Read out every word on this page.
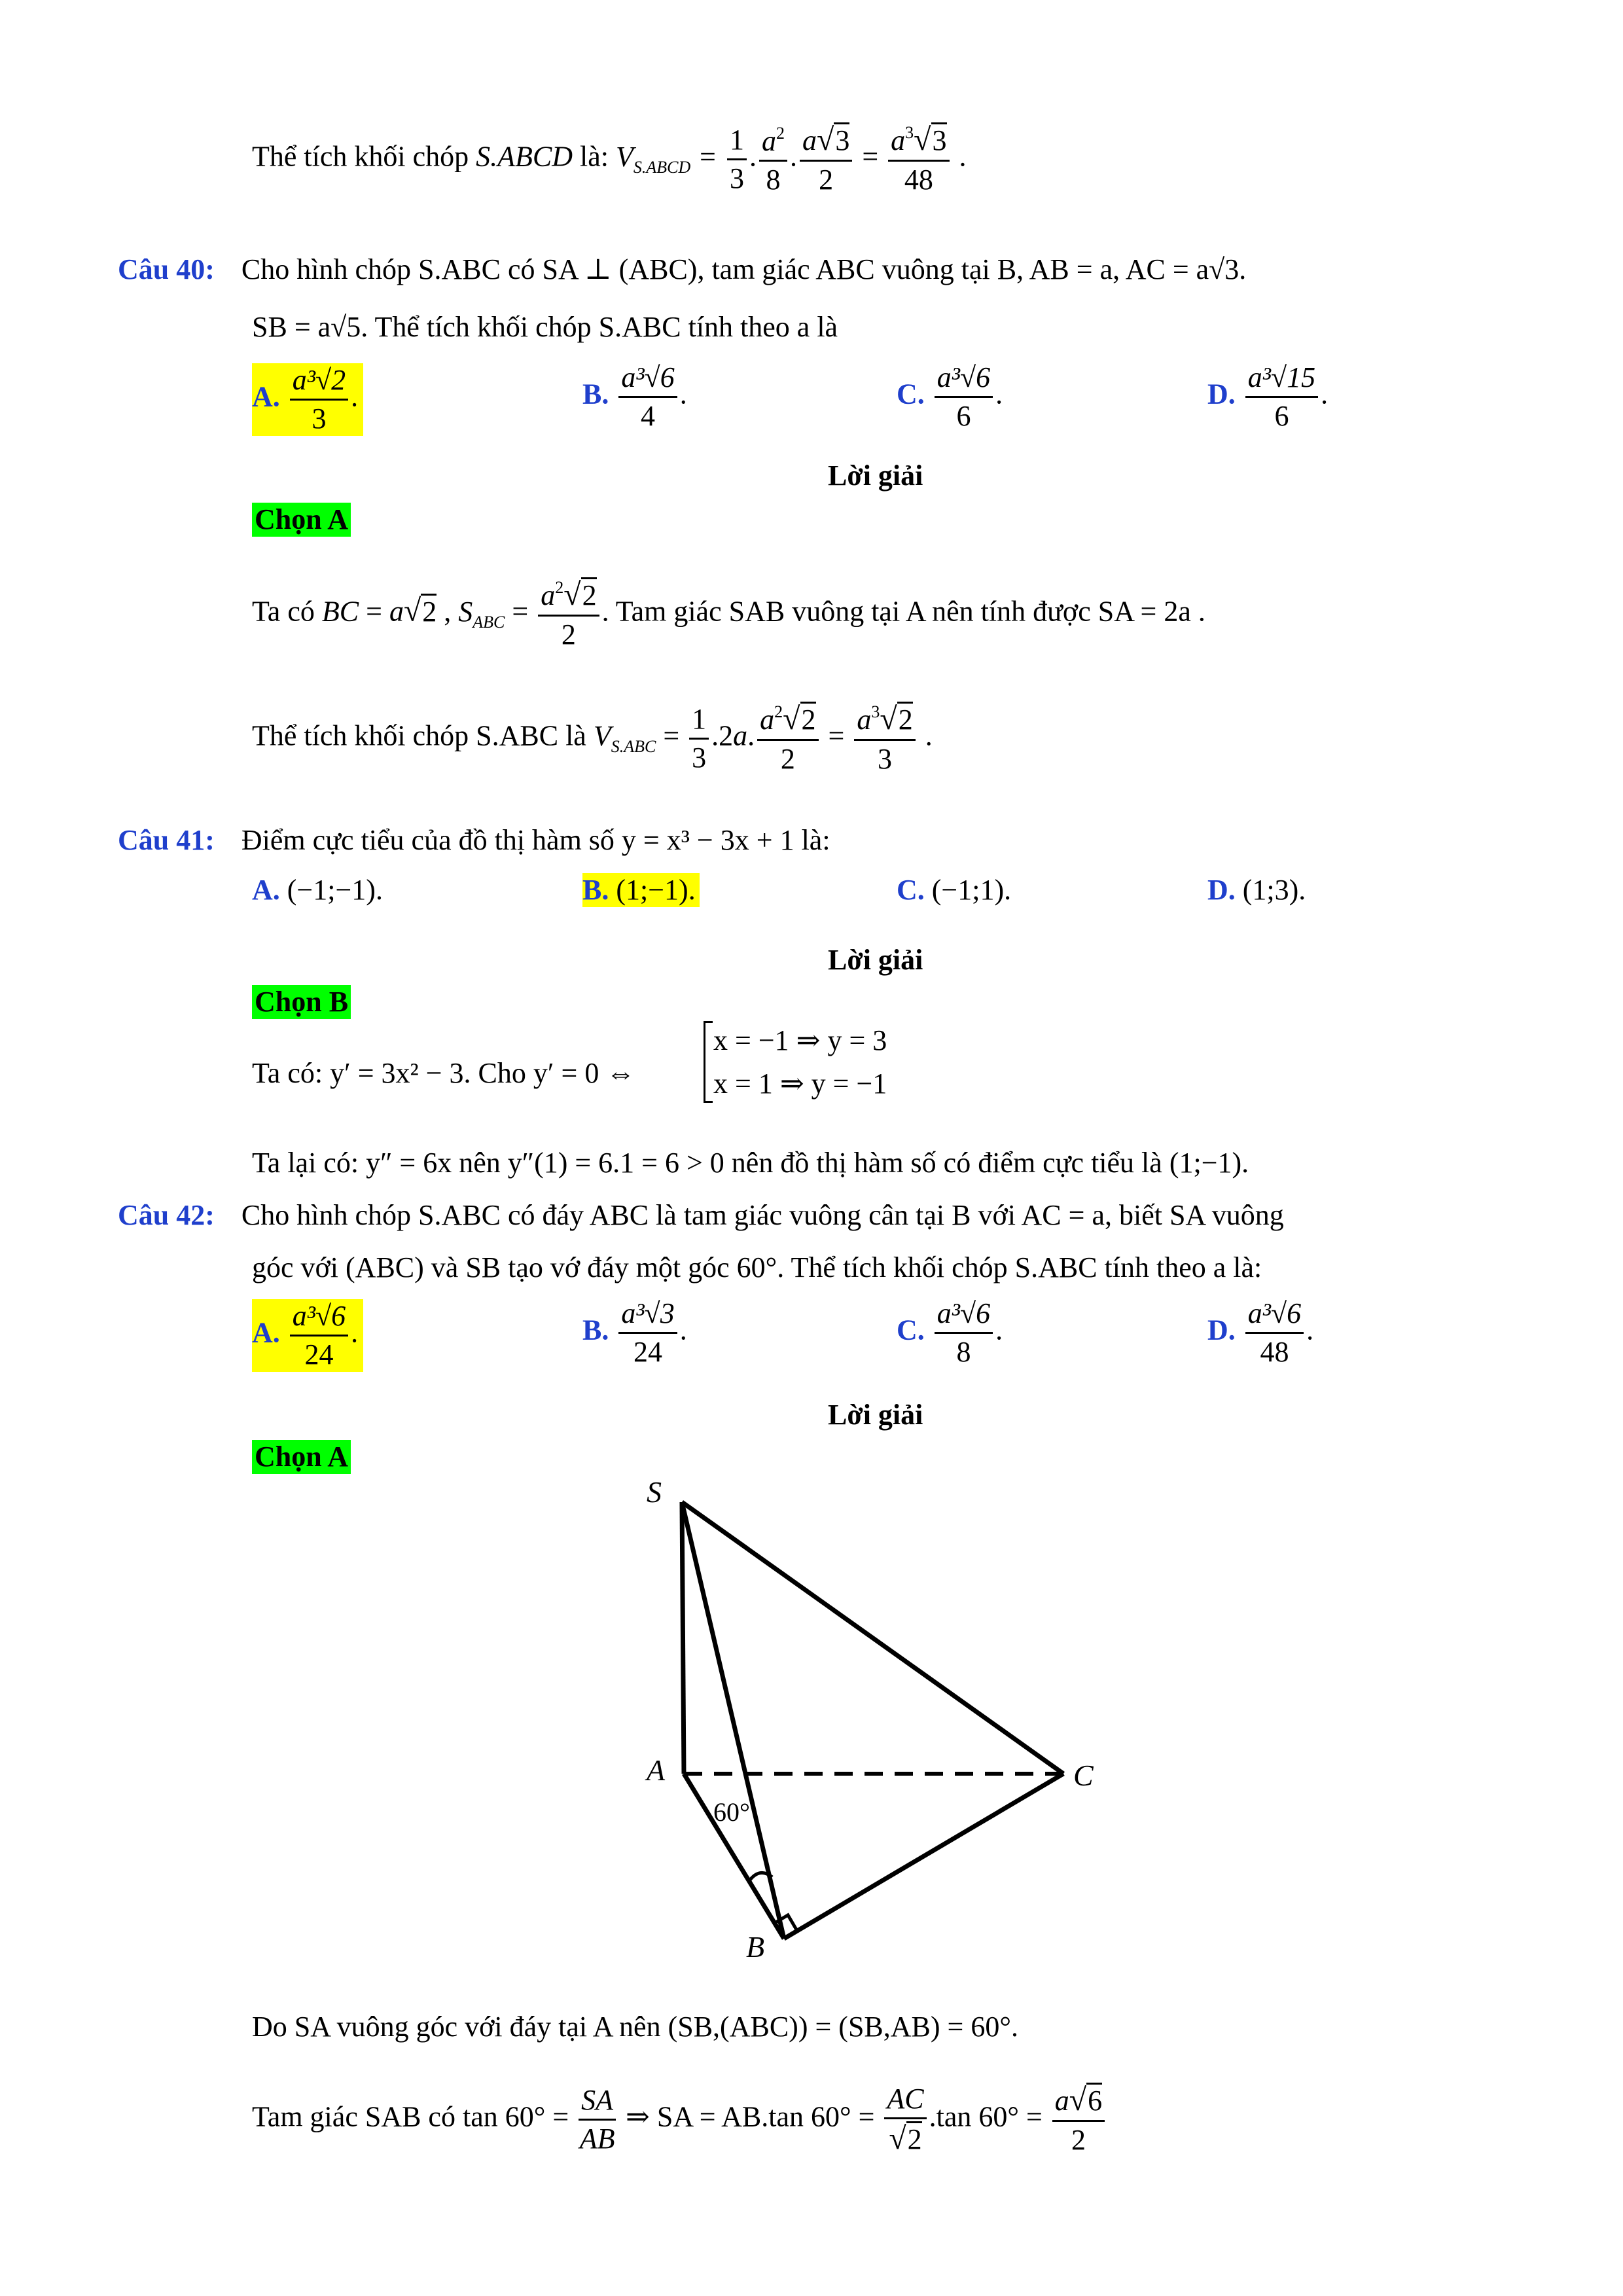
Thể tích khối chóp S.ABCD là: $V_{S.ABCD} = \frac{1}{3}$ . $\frac{a^2}{8}$ . $\frac{a√3}{2} = \frac{a^3√3}{48}$ .
Câu 40: Cho hình chóp S.ABC có SA ⊥ (ABC), tam giác ABC vuông tại B, AB = a, AC = a√3.
SB = a√5. Thể tích khối chóp S.ABC tính theo a là
A. $\frac{\text{a³√2}}{3}$ .	B. $\frac{\text{a³√6}}{4}$ .	C. $\frac{\text{a³√6}}{6}$ .	D. $\frac{\text{a³√15}}{6}$ .
Lời giải
Chọn A
Ta có BC = a√2 , $S_{ABC} = \frac{a^2√2}{2}$ . Tam giác SAB vuông tại A nên tính được SA = 2a .
Thể tích khối chóp S.ABC là $V_{S.ABC} = \frac{1}{3} .2a$. $\frac{a^2√2}{2} = \frac{a^3√2}{3}$ .
Câu 41: Điểm cực tiểu của đồ thị hàm số y = x³ − 3x + 1 là:
A. (−1;−1).	B. (1;−1).	C. (−1;1).	D. (1;3).
Lời giải
Chọn B
Ta có: y′ = 3x² − 3. Cho y′ = 0 ⇔
x = −1 ⇒ y = 3
x = 1 ⇒ y = −1
Ta lại có: y″ = 6x nên y″(1) = 6.1 = 6 > 0 nên đồ thị hàm số có điểm cực tiểu là (1;−1).
Câu 42: Cho hình chóp S.ABC có đáy ABC là tam giác vuông cân tại B với AC = a, biết SA vuông
góc với (ABC) và SB tạo vớ đáy một góc 60°. Thể tích khối chóp S.ABC tính theo a là:
A. $\frac{\text{a³√6}}{24}$ .	B. $\frac{\text{a³√3}}{24}$ .	C. $\frac{\text{a³√6}}{8}$ .	D. $\frac{\text{a³√6}}{48}$ .
Lời giải
Chọn A
S
A
B
C
60°
Do SA vuông góc với đáy tại A nên (SB,(ABC)) = (SB,AB) = 60°.
Tam giác SAB có $\tan 60^\circ = \frac{SA}{AB}$ ⇒ SA = AB.tan $60^\circ = \frac{AC}{√2} .\tan$ $60^\circ = \frac{a√6}{2}$
